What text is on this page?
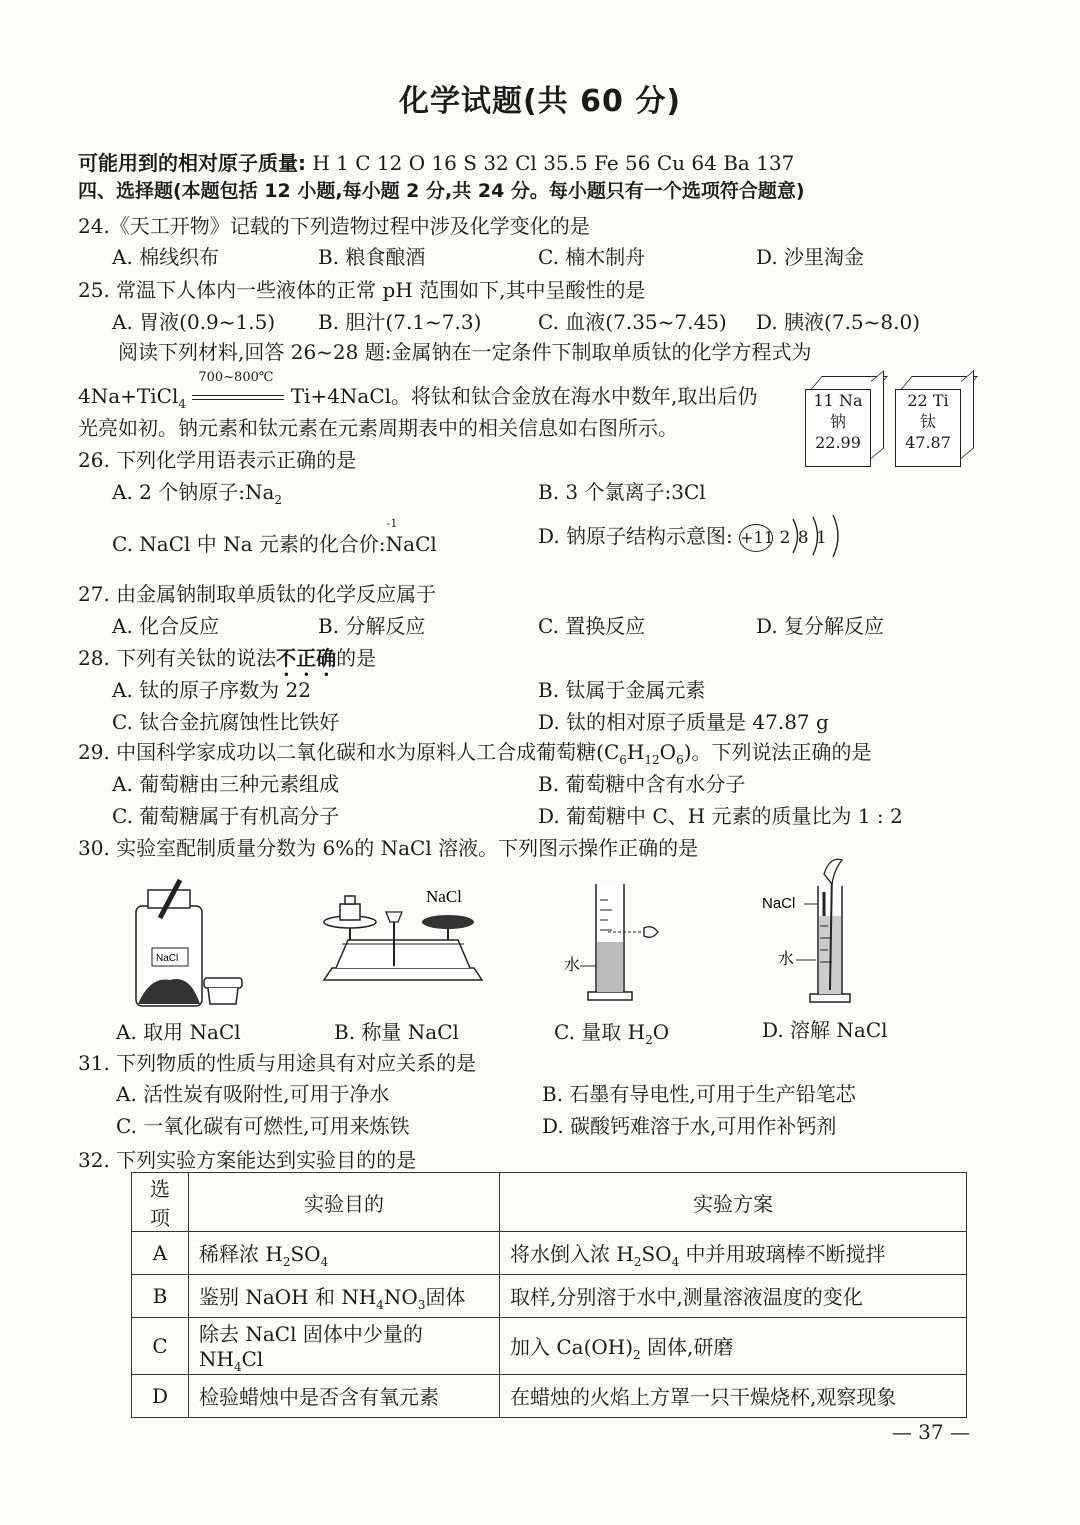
化学试题(共 60 分)
可能用到的相对原子质量: H 1 C 12 O 16 S 32 Cl 35.5 Fe 56 Cu 64 Ba 137
四、选择题(本题包括 12 小题,每小题 2 分,共 24 分。每小题只有一个选项符合题意)
24.《天工开物》记载的下列造物过程中涉及化学变化的是
A. 棉线织布	B. 粮食酿酒	C. 楠木制舟	D. 沙里淘金
25. 常温下人体内一些液体的正常 pH 范围如下,其中呈酸性的是
A. 胃液(0.9~1.5) B. 胆汁(7.1~7.3)	C. 血液(7.35~7.45) D. 胰液(7.5~8.0)
阅读下列材料,回答 26~28 题:金属钠在一定条件下制取单质钛的化学方程式为
4Na+TiCl$_4$
700~800℃
Ti+4NaCl。将钛和钛合金放在海水中数年,取出后仍
光亮如初。钠元素和钛元素在元素周期表中的相关信息如右图所示。
11 Na
钠
22.99
22 Ti
钛
47.87
26. 下列化学用语表示正确的是
A. 2 个钠原子$:Na_2$	B. 3 个氯离子:3Cl
C. NaCl 中 Na 元素的化合价:
-1
NaCl	D. 钠原子结构示意图: +11 2 8 1
27. 由金属钠制取单质钛的化学反应属于
A. 化合反应	B. 分解反应	C. 置换反应	D. 复分解反应
28. 下列有关钛的说法不正确的是
A. 钛的原子序数为 22	B. 钛属于金属元素
C. 钛合金抗腐蚀性比铁好	D. 钛的相对原子质量是 47.87 g
29. 中国科学家成功以二氧化碳和水为原料人工合成葡萄糖$(C_6H_{12}O_6)$。下列说法正确的是
A. 葡萄糖由三种元素组成	B. 葡萄糖中含有水分子
C. 葡萄糖属于有机高分子	D. 葡萄糖中 C、H 元素的质量比为 1 : 2
30. 实验室配制质量分数为 6%的 NaCl 溶液。下列图示操作正确的是
NaCl
NaCl
水
NaCl
水
A. 取用 NaCl	B. 称量 NaCl	C. 量取 $H_2O$	D. 溶解 NaCl
31. 下列物质的性质与用途具有对应关系的是
A. 活性炭有吸附性,可用于净水	B. 石墨有导电性,可用于生产铅笔芯
C. 一氧化碳有可燃性,可用来炼铁	D. 碳酸钙难溶于水,可用作补钙剂
32. 下列实验方案能达到实验目的的是
选项	实验目的	实验方案
A	稀释浓 $H_2SO_4$	将水倒入浓 $H_2SO_4$ 中并用玻璃棒不断搅拌
B	鉴别 NaOH 和 $NH_4NO_3$固体	取样,分别溶于水中,测量溶液温度的变化
C	除去 NaCl 固体中少量的 $NH_4Cl$	加入 $Ca(OH)_2$ 固体,研磨
D	检验蜡烛中是否含有氧元素	在蜡烛的火焰上方罩一只干燥烧杯,观察现象
— 37 —
